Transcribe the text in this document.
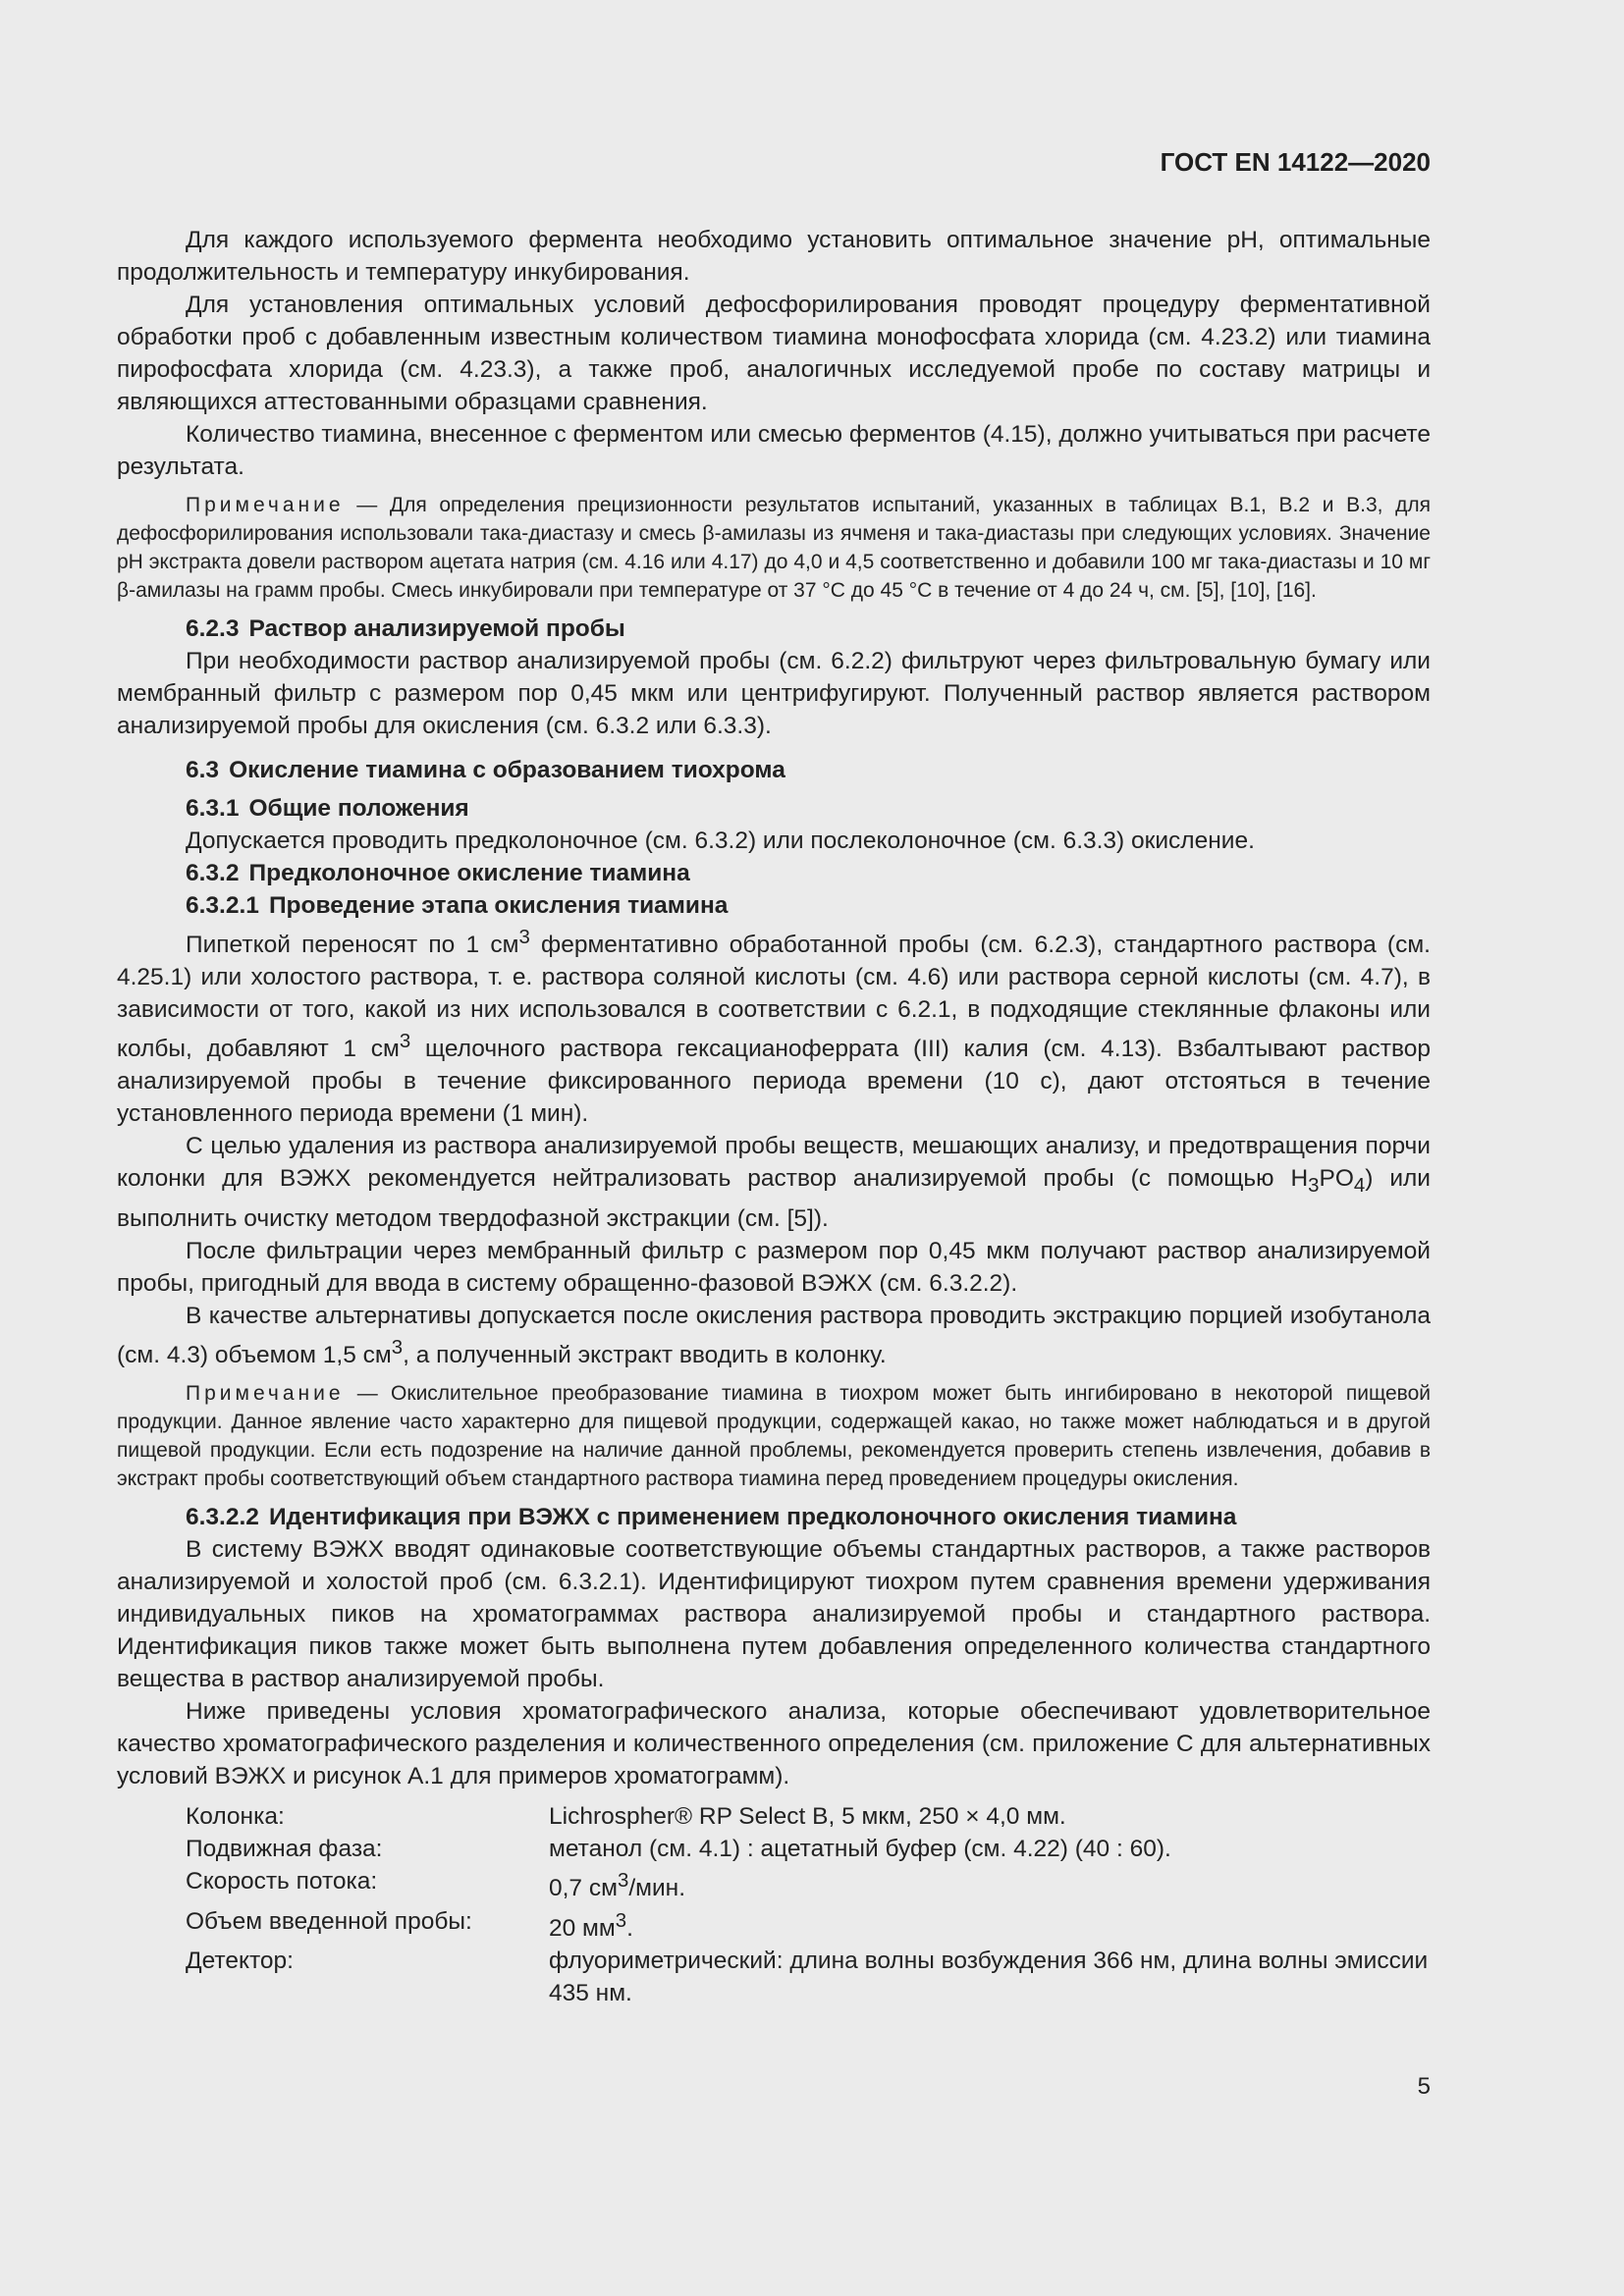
ГОСТ EN 14122—2020

Для каждого используемого фермента необходимо установить оптимальное значение pH, оптимальные продолжительность и температуру инкубирования.

Для установления оптимальных условий дефосфорилирования проводят процедуру ферментативной обработки проб с добавленным известным количеством тиамина монофосфата хлорида (см. 4.23.2) или тиамина пирофосфата хлорида (см. 4.23.3), а также проб, аналогичных исследуемой пробе по составу матрицы и являющихся аттестованными образцами сравнения.

Количество тиамина, внесенное с ферментом или смесью ферментов (4.15), должно учитываться при расчете результата.

Примечание — Для определения прецизионности результатов испытаний, указанных в таблицах В.1, В.2 и В.3, для дефосфорилирования использовали така-диастазу и смесь β-амилазы из ячменя и така-диастазы при следующих условиях. Значение pH экстракта довели раствором ацетата натрия (см. 4.16 или 4.17) до 4,0 и 4,5 соответственно и добавили 100 мг така-диастазы и 10 мг β-амилазы на грамм пробы. Смесь инкубировали при температуре от 37 °С до 45 °С в течение от 4 до 24 ч, см. [5], [10], [16].

6.2.3 Раствор анализируемой пробы

При необходимости раствор анализируемой пробы (см. 6.2.2) фильтруют через фильтровальную бумагу или мембранный фильтр с размером пор 0,45 мкм или центрифугируют. Полученный раствор является раствором анализируемой пробы для окисления (см. 6.3.2 или 6.3.3).

6.3 Окисление тиамина с образованием тиохрома

6.3.1 Общие положения

Допускается проводить предколоночное (см. 6.3.2) или послеколоночное (см. 6.3.3) окисление.

6.3.2 Предколоночное окисление тиамина

6.3.2.1 Проведение этапа окисления тиамина

Пипеткой переносят по 1 $см^3$ ферментативно обработанной пробы (см. 6.2.3), стандартного раствора (см. 4.25.1) или холостого раствора, т. е. раствора соляной кислоты (см. 4.6) или раствора серной кислоты (см. 4.7), в зависимости от того, какой из них использовался в соответствии с 6.2.1, в подходящие стеклянные флаконы или колбы, добавляют 1 $см^3$ щелочного раствора гексацианоферрата (III) калия (см. 4.13). Взбалтывают раствор анализируемой пробы в течение фиксированного периода времени (10 с), дают отстояться в течение установленного периода времени (1 мин).

С целью удаления из раствора анализируемой пробы веществ, мешающих анализу, и предотвращения порчи колонки для ВЭЖХ рекомендуется нейтрализовать раствор анализируемой пробы (с помощью $H_3PO_4$) или выполнить очистку методом твердофазной экстракции (см. [5]).

После фильтрации через мембранный фильтр с размером пор 0,45 мкм получают раствор анализируемой пробы, пригодный для ввода в систему обращенно-фазовой ВЭЖХ (см. 6.3.2.2).

В качестве альтернативы допускается после окисления раствора проводить экстракцию порцией изобутанола (см. 4.3) объемом 1,5 $см^3$, а полученный экстракт вводить в колонку.

Примечание — Окислительное преобразование тиамина в тиохром может быть ингибировано в некоторой пищевой продукции. Данное явление часто характерно для пищевой продукции, содержащей какао, но также может наблюдаться и в другой пищевой продукции. Если есть подозрение на наличие данной проблемы, рекомендуется проверить степень извлечения, добавив в экстракт пробы соответствующий объем стандартного раствора тиамина перед проведением процедуры окисления.

6.3.2.2 Идентификация при ВЭЖХ с применением предколоночного окисления тиамина

В систему ВЭЖХ вводят одинаковые соответствующие объемы стандартных растворов, а также растворов анализируемой и холостой проб (см. 6.3.2.1). Идентифицируют тиохром путем сравнения времени удерживания индивидуальных пиков на хроматограммах раствора анализируемой пробы и стандартного раствора. Идентификация пиков также может быть выполнена путем добавления определенного количества стандартного вещества в раствор анализируемой пробы.

Ниже приведены условия хроматографического анализа, которые обеспечивают удовлетворительное качество хроматографического разделения и количественного определения (см. приложение С для альтернативных условий ВЭЖХ и рисунок А.1 для примеров хроматограмм).

Колонка:	Lichrospher® RP Select B, 5 мкм, 250 × 4,0 мм.
Подвижная фаза:	метанол (см. 4.1) : ацетатный буфер (см. 4.22) (40 : 60).
Скорость потока:	0,7 $см^3$/мин.
Объем введенной пробы:	20 $мм^3$.
Детектор:	флуориметрический: длина волны возбуждения 366 нм, длина волны эмиссии 435 нм.
5
